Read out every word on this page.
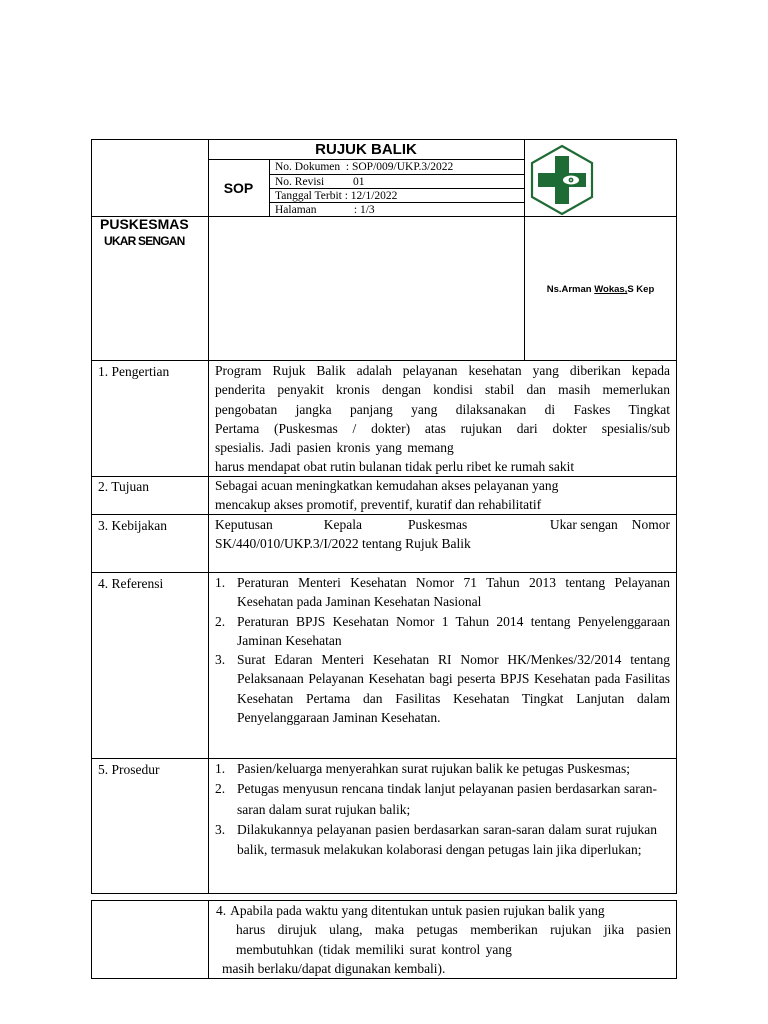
RUJUK BALIK
SOP
No. Dokumen  : SOP/009/UKP.3/2022
No. Revisi          01
Tanggal Terbit : 12/1/2022
Halaman             : 1/3
PUSKESMAS
UKAR SENGAN
Ns.Arman Wokas,S Kep
1. Pengertian	Program Rujuk Balik adalah pelayanan kesehatan yang diberikan kepada
penderita penyakit kronis dengan kondisi stabil dan masih memerlukan
pengobatan jangka panjang yang dilaksanakan di Faskes Tingkat
Pertama (Puskesmas / dokter) atas rujukan dari dokter spesialis/sub
spesialis. Jadi pasien kronis yang memang
harus mendapat obat rutin bulanan tidak perlu ribet ke rumah sakit
2. Tujuan	Sebagai acuan meningkatkan kemudahan akses pelayanan yang
mencakup akses promotif, preventif, kuratif dan rehabilitatif
3. Kebijakan	Keputusan	Kepala	Puskesmas	Ukar sengan Nomor
SK/440/010/UKP.3/I/2022 tentang Rujuk Balik
4. Referensi	1. Peraturan Menteri Kesehatan Nomor 71 Tahun 2013 tentang Pelayanan Kesehatan pada Jaminan Kesehatan Nasional
2. Peraturan BPJS Kesehatan Nomor 1 Tahun 2014 tentang Penyelenggaraan Jaminan Kesehatan
3. Surat Edaran Menteri Kesehatan RI Nomor HK/Menkes/32/2014 tentang Pelaksanaan Pelayanan Kesehatan bagi peserta BPJS Kesehatan pada Fasilitas Kesehatan Pertama dan Fasilitas Kesehatan Tingkat Lanjutan dalam Penyelanggaraan Jaminan Kesehatan.
5. Prosedur	1. Pasien/keluarga menyerahkan surat rujukan balik ke petugas Puskesmas;
2. Petugas menyusun rencana tindak lanjut pelayanan pasien berdasarkan saran-saran dalam surat rujukan balik;
3. Dilakukannya pelayanan pasien berdasarkan saran-saran dalam surat rujukan balik, termasuk melakukan kolaborasi dengan petugas lain jika diperlukan;
4. Apabila pada waktu yang ditentukan untuk pasien rujukan balik yang
harus dirujuk ulang, maka petugas memberikan rujukan jika pasien
membutuhkan (tidak memiliki surat kontrol yang
masih berlaku/dapat digunakan kembali).
